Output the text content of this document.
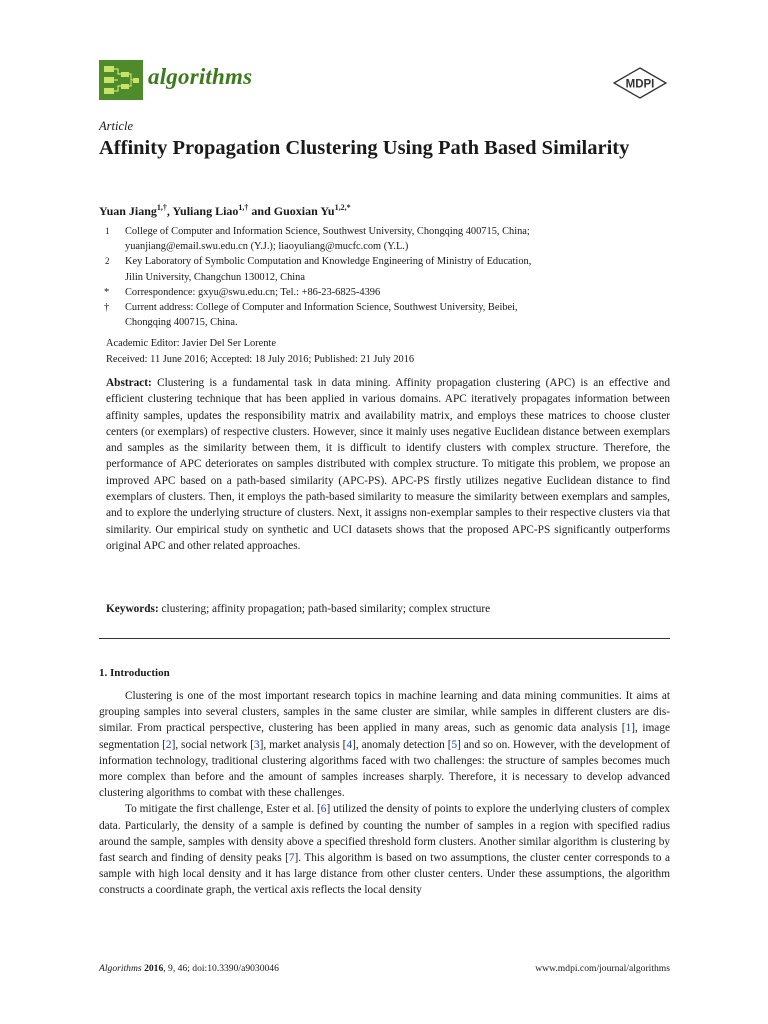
algorithms	MDPI
Article
Affinity Propagation Clustering Using Path Based Similarity
Yuan Jiang$^{1,\dagger}$, Yuliang Liao$^{1,\dagger}$ and Guoxian $Yu^{1,2,*}$
1 College of Computer and Information Science, Southwest University, Chongqing 400715, China;
yuanjiang@email.swu.edu.cn (Y.J.); liaoyuliang@mucfc.com (Y.L.)
2 Key Laboratory of Symbolic Computation and Knowledge Engineering of Ministry of Education,
Jilin University, Changchun 130012, China
* Correspondence: gxyu@swu.edu.cn; Tel.: +86-23-6825-4396
† Current address: College of Computer and Information Science, Southwest University, Beibei,
Chongqing 400715, China.
Academic Editor: Javier Del Ser Lorente
Received: 11 June 2016; Accepted: 18 July 2016; Published: 21 July 2016
Abstract: Clustering is a fundamental task in data mining. Affinity propagation clustering (APC) is an effective and efficient clustering technique that has been applied in various domains. APC iteratively propagates information between affinity samples, updates the responsibility matrix and availability matrix, and employs these matrices to choose cluster centers (or exemplars) of respective clusters. However, since it mainly uses negative Euclidean distance between exemplars and samples as the similarity between them, it is difficult to identify clusters with complex structure. Therefore, the performance of APC deteriorates on samples distributed with complex structure. To mitigate this problem, we propose an improved APC based on a path-based similarity (APC-PS). APC-PS firstly utilizes negative Euclidean distance to find exemplars of clusters. Then, it employs the path-based similarity to measure the similarity between exemplars and samples, and to explore the underlying structure of clusters. Next, it assigns non-exemplar samples to their respective clusters via that similarity. Our empirical study on synthetic and UCI datasets shows that the proposed APC-PS significantly outperforms original APC and other related approaches.
Keywords: clustering; affinity propagation; path-based similarity; complex structure
1. Introduction

Clustering is one of the most important research topics in machine learning and data mining communities. It aims at grouping samples into several clusters, samples in the same cluster are similar, while samples in different clusters are dis-similar. From practical perspective, clustering has been applied in many areas, such as genomic data analysis [1], image segmentation [2], social network [3], market analysis [4], anomaly detection [5] and so on. However, with the development of information technology, traditional clustering algorithms faced with two challenges: the structure of samples becomes much more complex than before and the amount of samples increases sharply. Therefore, it is necessary to develop advanced clustering algorithms to combat with these challenges.

To mitigate the first challenge, Ester et al. [6] utilized the density of points to explore the underlying clusters of complex data. Particularly, the density of a sample is defined by counting the number of samples in a region with specified radius around the sample, samples with density above a specified threshold form clusters. Another similar algorithm is clustering by fast search and finding of density peaks [7]. This algorithm is based on two assumptions, the cluster center corresponds to a sample with high local density and it has large distance from other cluster centers. Under these assumptions, the algorithm constructs a coordinate graph, the vertical axis reflects the local density

Algorithms 2016, 9, 46; doi:10.3390/a9030046	www.mdpi.com/journal/algorithms
